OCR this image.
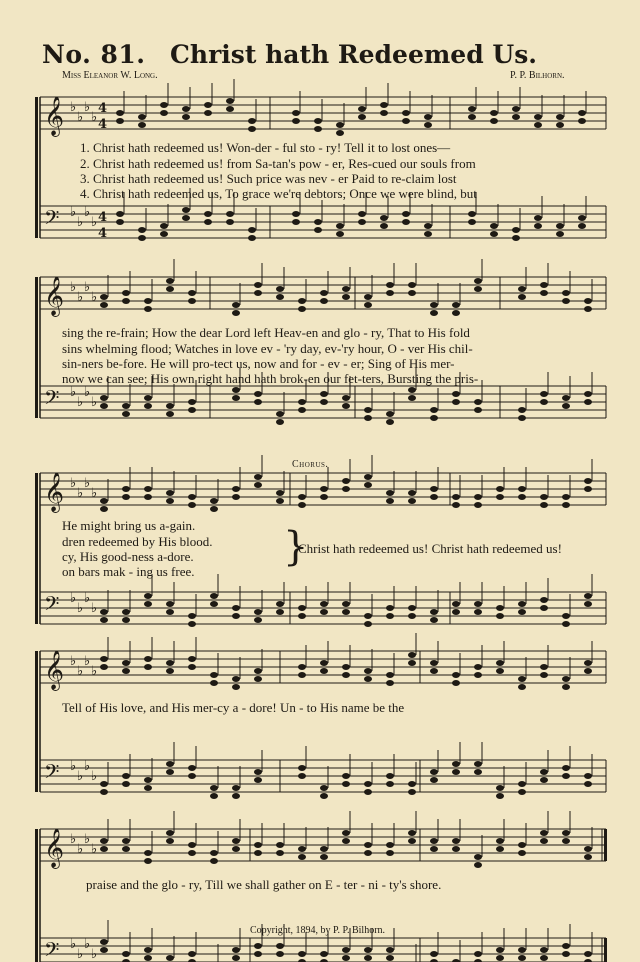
No. 81. Christ hath Redeemed Us.
Miss Eleanor W. Long.	P. P. Bilhorn.
𝄞 ♭
♭
♭
♭
4
4
𝄢 ♭
♭
♭
♭ 4
4
𝄞 ♭
♭
♭
♭
𝄢 ♭
♭
♭
♭
𝄞 ♭
♭
♭
♭
𝄢 ♭
♭
♭
♭
𝄞 ♭
♭
♭
♭
𝄢 ♭
♭
♭
♭
𝄞 ♭
♭
♭
♭
𝄢 ♭
♭
♭
♭
1. Christ hath redeemed us! Won-der - ful sto - ry! Tell it to lost ones—
2. Christ hath redeemed us! from Sa-tan's pow - er, Res-cued our souls from
3. Christ hath redeemed us! Such price was nev - er Paid to re-claim lost
4. Christ hath redeemed us, To grace we're debtors; Once we were blind, but
sing the re-frain; How the dear Lord left Heav-en and glo - ry, That to His fold
sins whelming flood; Watches in love ev - 'ry day, ev-'ry hour, O - ver His chil-
sin-ners be-fore. He will pro-tect us, now and for - ev - er; Sing of His mer-
now we can see; His own right hand hath brok-en our fet-ters, Bursting the pris-
Chorus.
He might bring us a-gain.
dren redeemed by His blood.
cy, His good-ness a-dore.
on bars mak - ing us free.
}
Christ hath redeemed us! Christ hath redeemed us!
Tell of His love, and His mer-cy a - dore! Un - to His name be the
praise and the glo - ry, Till we shall gather on E - ter - ni - ty's shore.
Copyright, 1894, by P. P. Bilhorn.
